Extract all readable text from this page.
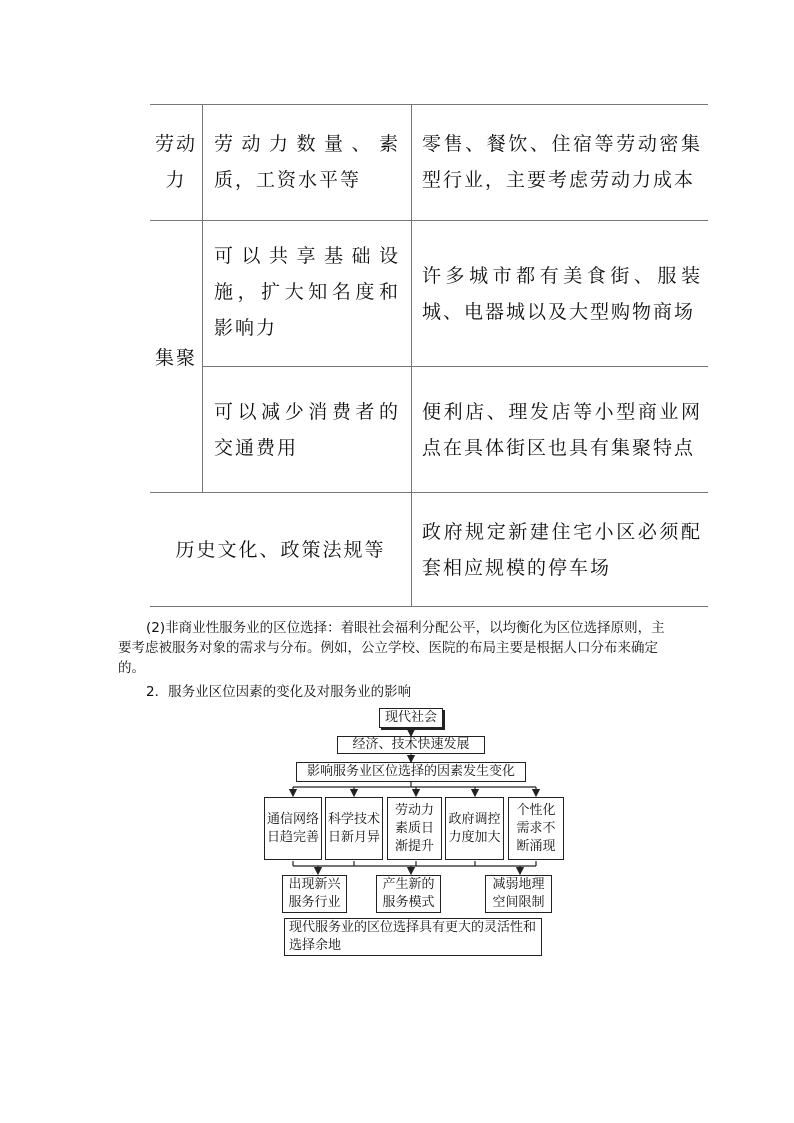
劳动力
劳动力数量、素质，工资水平等
零售、餐饮、住宿等劳动密集型行业，主要考虑劳动力成本
集聚
可以共享基础设施，扩大知名度和影响力
许多城市都有美食街、服装城、电器城以及大型购物商场
可以减少消费者的交通费用
便利店、理发店等小型商业网点在具体街区也具有集聚特点
历史文化、政策法规等
政府规定新建住宅小区必须配套相应规模的停车场
(2)非商业性服务业的区位选择：着眼社会福利分配公平，以均衡化为区位选择原则，主要考虑被服务对象的需求与分布。例如，公立学校、医院的布局主要是根据人口分布来确定的。
2．服务业区位因素的变化及对服务业的影响
现代社会
经济、技术快速发展
影响服务业区位选择的因素发生变化
通信网络日趋完善
科学技术日新月异
劳动力素质日渐提升
政府调控力度加大
个性化需求不断涌现
出现新兴服务行业
产生新的服务模式
减弱地理空间限制
现代服务业的区位选择具有更大的灵活性和选择余地
